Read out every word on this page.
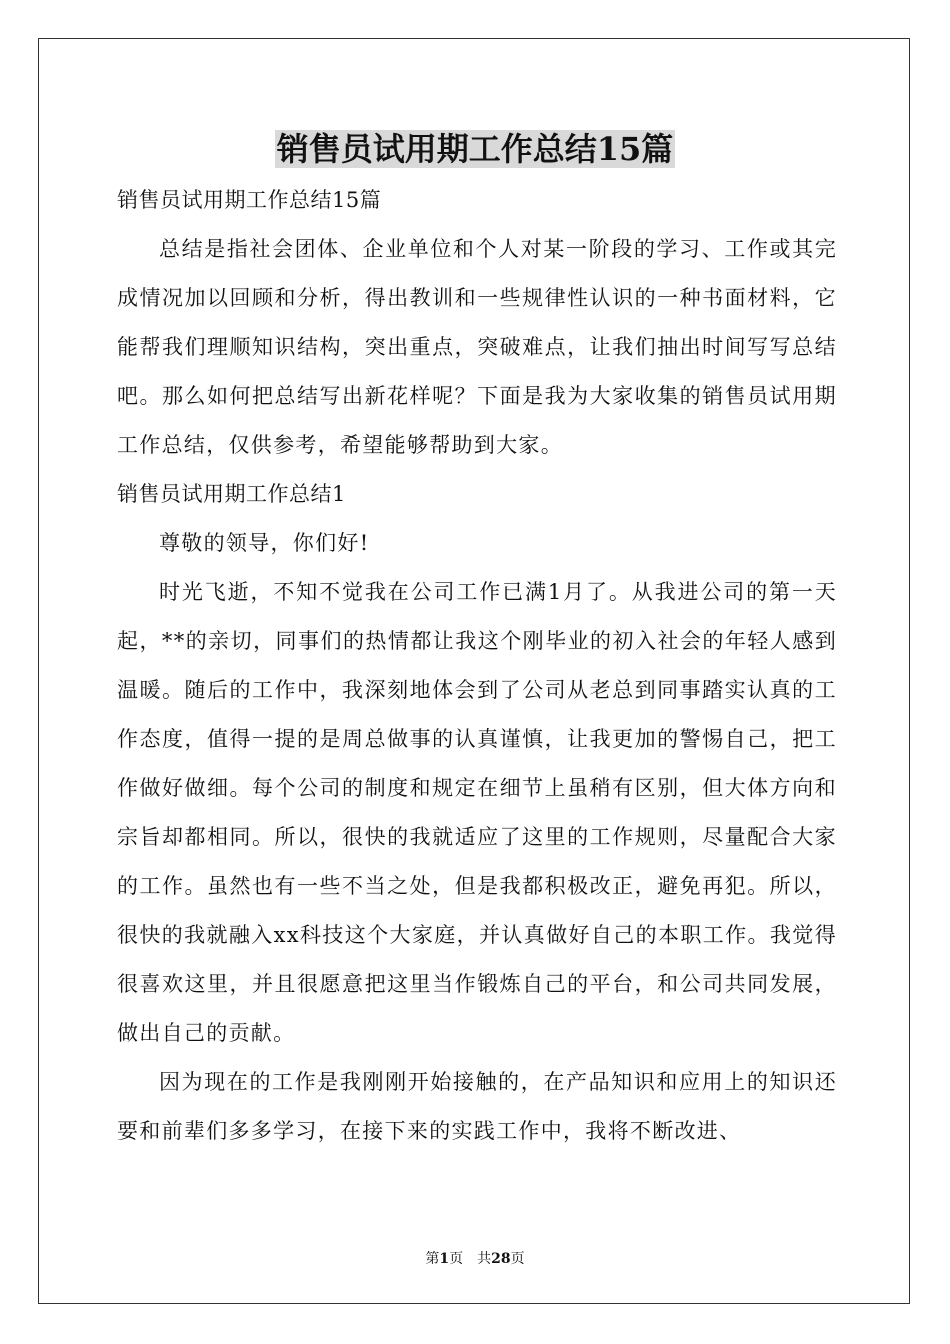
销售员试用期工作总结15篇

销售员试用期工作总结15篇

总结是指社会团体、企业单位和个人对某一阶段的学习、工作或其完成情况加以回顾和分析，得出教训和一些规律性认识的一种书面材料，它能帮我们理顺知识结构，突出重点，突破难点，让我们抽出时间写写总结吧。那么如何把总结写出新花样呢？下面是我为大家收集的销售员试用期工作总结，仅供参考，希望能够帮助到大家。

销售员试用期工作总结1

尊敬的领导，你们好!

时光飞逝，不知不觉我在公司工作已满1月了。从我进公司的第一天起，**的亲切，同事们的热情都让我这个刚毕业的初入社会的年轻人感到温暖。随后的工作中，我深刻地体会到了公司从老总到同事踏实认真的工作态度，值得一提的是周总做事的认真谨慎，让我更加的警惕自己，把工作做好做细。每个公司的制度和规定在细节上虽稍有区别，但大体方向和宗旨却都相同。所以，很快的我就适应了这里的工作规则，尽量配合大家的工作。虽然也有一些不当之处，但是我都积极改正，避免再犯。所以，很快的我就融入xx科技这个大家庭，并认真做好自己的本职工作。我觉得很喜欢这里，并且很愿意把这里当作锻炼自己的平台，和公司共同发展，做出自己的贡献。

因为现在的工作是我刚刚开始接触的，在产品知识和应用上的知识还要和前辈们多多学习，在接下来的实践工作中，我将不断改进、

第1页　共28页
